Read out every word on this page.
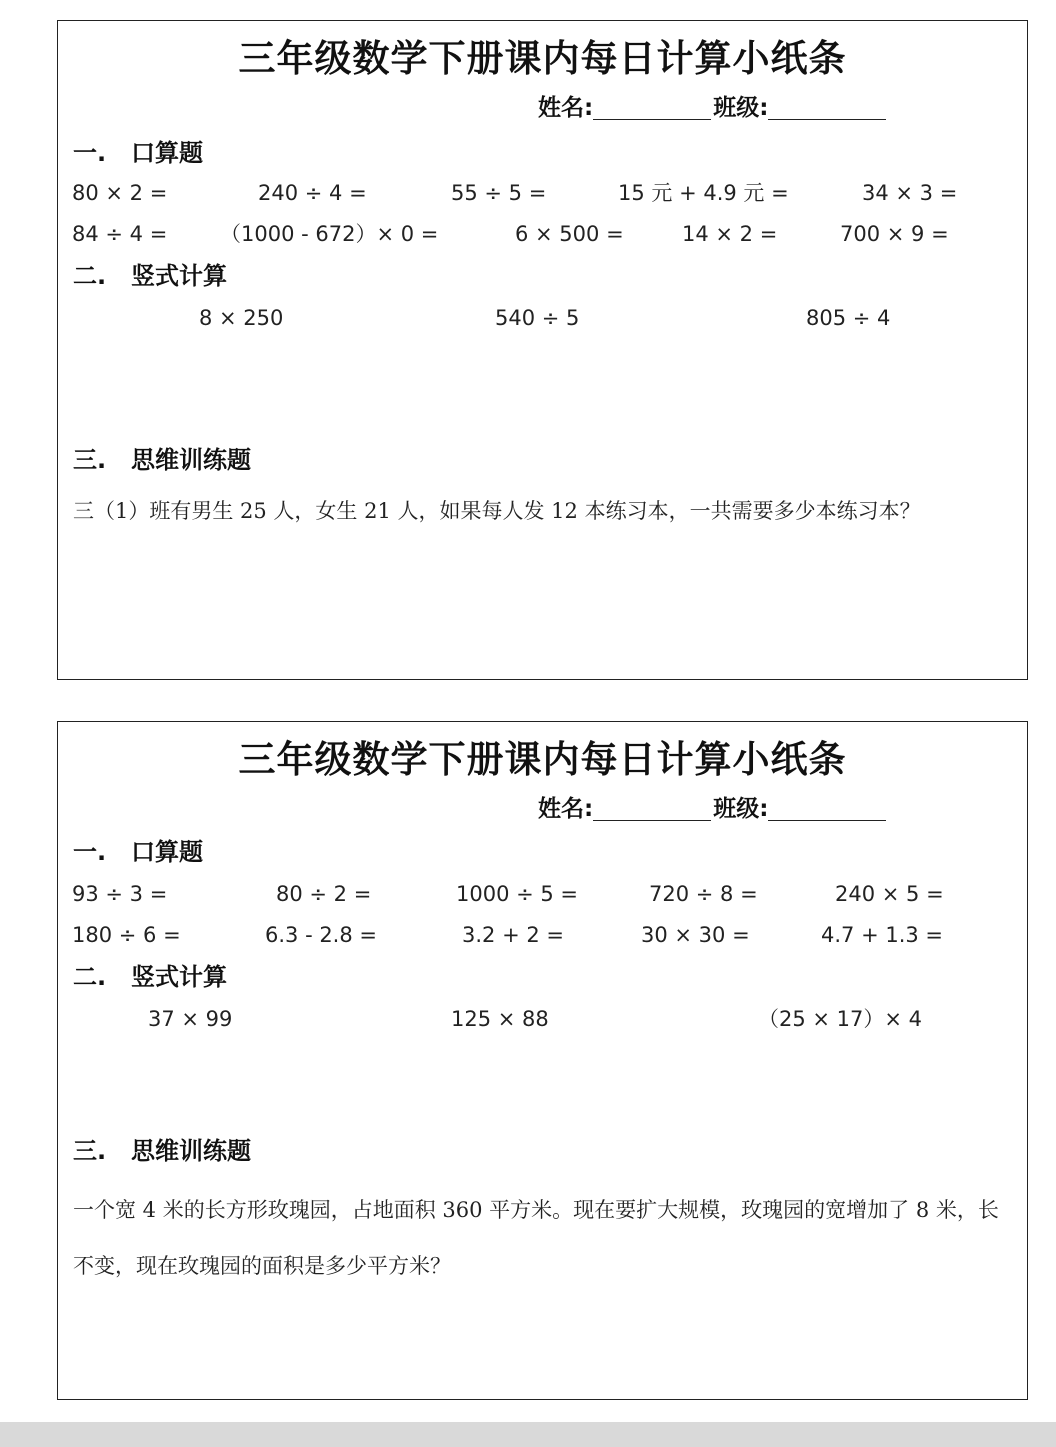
三年级数学下册课内每日计算小纸条
姓名:	班级:
一. 口算题
80 × 2 =	240 ÷ 4 =	55 ÷ 5 =	15 元 + 4.9 元 =	34 × 3 =
84 ÷ 4 =	（1000 - 672）× 0 =	6 × 500 =	14 × 2 =	700 × 9 =
二. 竖式计算
8 × 250	540 ÷ 5	805 ÷ 4
三. 思维训练题
三（1）班有男生 25 人，女生 21 人，如果每人发 12 本练习本，一共需要多少本练习本？
三年级数学下册课内每日计算小纸条
姓名:	班级:
一. 口算题
93 ÷ 3 =	80 ÷ 2 =	1000 ÷ 5 =	720 ÷ 8 =	240 × 5 =
180 ÷ 6 =	6.3 - 2.8 =	3.2 + 2 =	30 × 30 =	4.7 + 1.3 =
二. 竖式计算
37 × 99	125 × 88	（25 × 17）× 4
三. 思维训练题
一个宽 4 米的长方形玫瑰园，占地面积 360 平方米。现在要扩大规模，玫瑰园的宽增加了 8 米，长不变，现在玫瑰园的面积是多少平方米？
